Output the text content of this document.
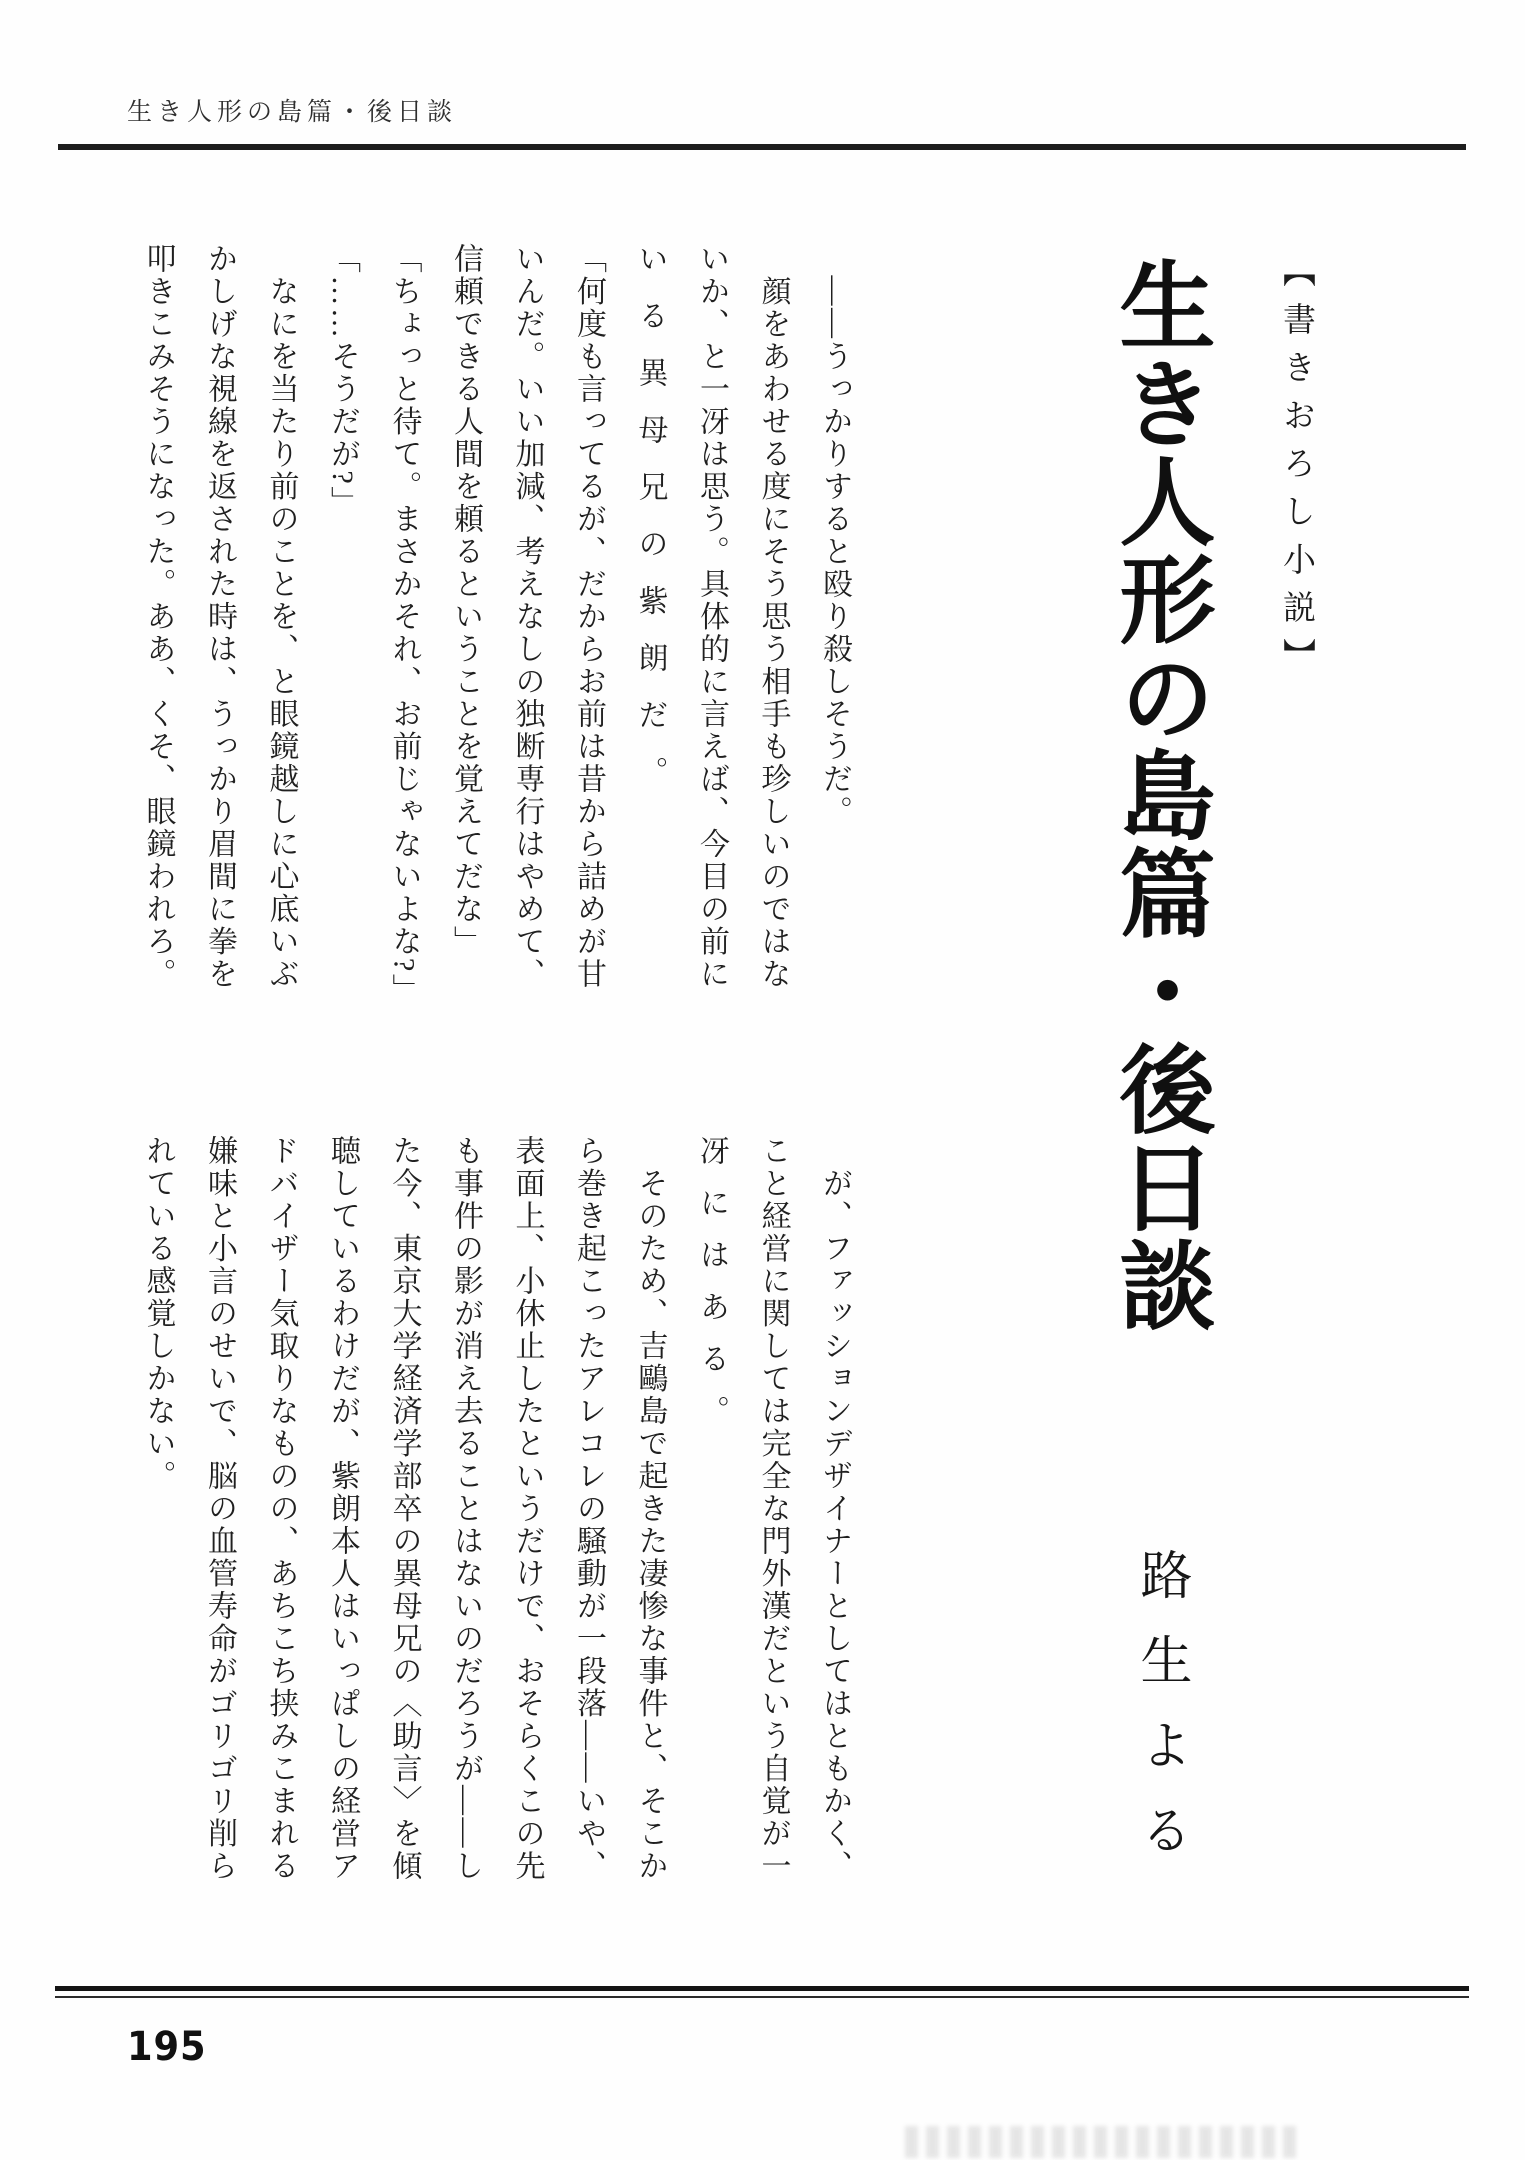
生き人形の島篇・後日談
【書きおろし小説】
生き人形の島篇・後日談
路生よる

　――うっかりすると殴り殺しそうだ。

　顔をあわせる度にそう思う相手も珍しいのではな

いか、と一冴は思う。具体的に言えば、今目の前に

いる異母兄の紫朗だ。

「何度も言ってるが、だからお前は昔から詰めが甘

いんだ。いい加減、考えなしの独断専行はやめて、

信頼できる人間を頼るということを覚えてだな」

「ちょっと待て。まさかそれ、お前じゃないよな?」

「……そうだが?」

　なにを当たり前のことを、と眼鏡越しに心底いぶ

かしげな視線を返された時は、うっかり眉間に拳を

叩きこみそうになった。ああ、くそ、眼鏡われろ。

　が、ファッションデザイナーとしてはともかく、

こと経営に関しては完全な門外漢だという自覚が一

冴にはある。

　そのため、吉鷗島で起きた凄惨な事件と、そこか

ら巻き起こったアレコレの騒動が一段落――いや、

表面上、小休止したというだけで、おそらくこの先

も事件の影が消え去ることはないのだろうが――し

た今、東京大学経済学部卒の異母兄の〈助言〉を傾

聴しているわけだが、紫朗本人はいっぱしの経営ア

ドバイザー気取りなものの、あちこち挟みこまれる

嫌味と小言のせいで、脳の血管寿命がゴリゴリ削ら

れている感覚しかない。

195
